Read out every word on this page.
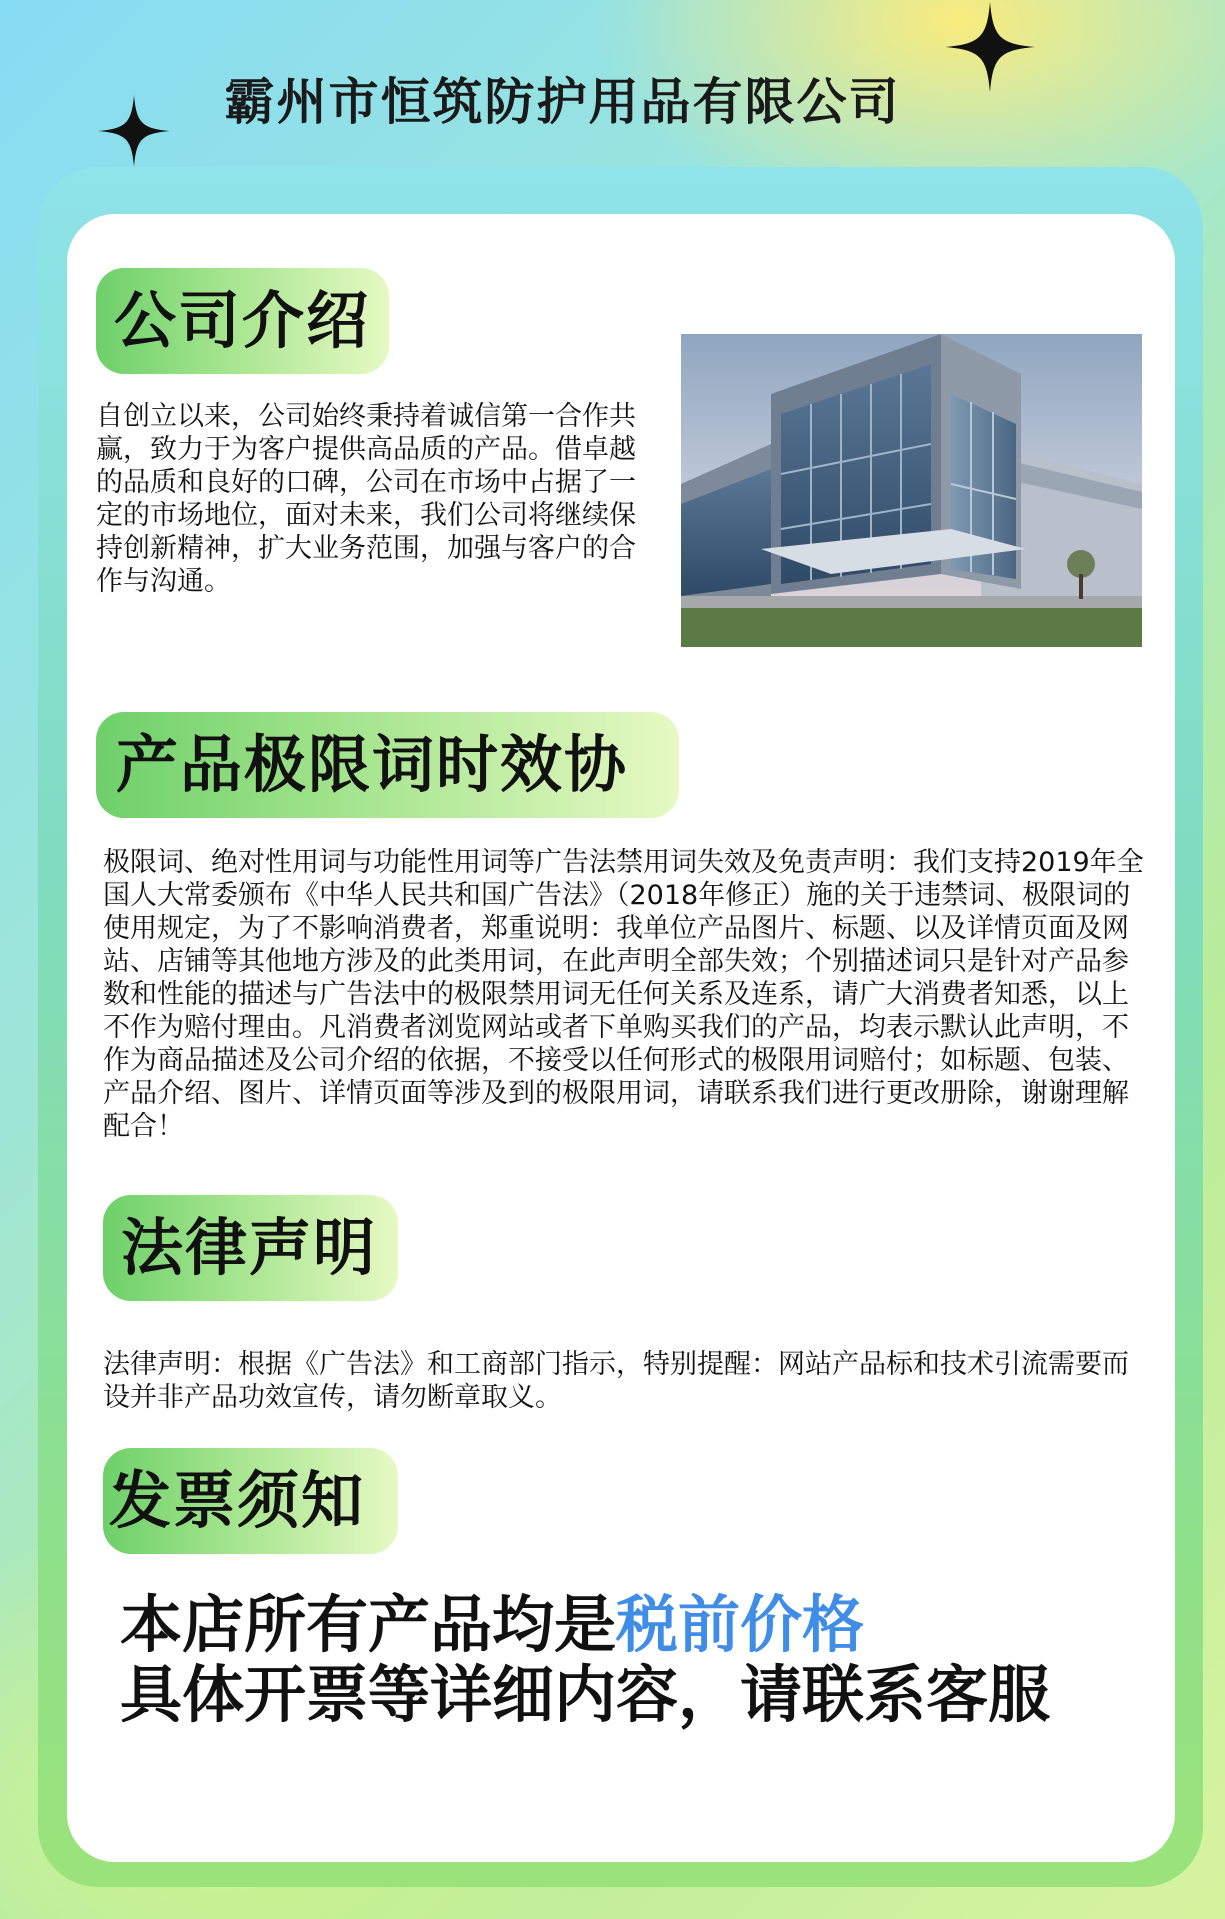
霸州市恒筑防护用品有限公司
公司介绍
自创立以来，公司始终秉持着诚信第一合作共赢，致力于为客户提供高品质的产品。借卓越的品质和良好的口碑，公司在市场中占据了一定的市场地位，面对未来，我们公司将继续保持创新精神，扩大业务范围，加强与客户的合作与沟通。
产品极限词时效协
极限词、绝对性用词与功能性用词等广告法禁用词失效及免责声明：我们支持2019年全国人大常委颁布《中华人民共和国广告法》（2018年修正）施的关于违禁词、极限词的使用规定，为了不影响消费者，郑重说明：我单位产品图片、标题、以及详情页面及网站、店铺等其他地方涉及的此类用词，在此声明全部失效；个别描述词只是针对产品参数和性能的描述与广告法中的极限禁用词无任何关系及连系，请广大消费者知悉，以上不作为赔付理由。凡消费者浏览网站或者下单购买我们的产品，均表示默认此声明，不作为商品描述及公司介绍的依据，不接受以任何形式的极限用词赔付；如标题、包装、产品介绍、图片、详情页面等涉及到的极限用词，请联系我们进行更改册除，谢谢理解配合！
法律声明
法律声明：根据《广告法》和工商部门指示，特别提醒：网站产品标和技术引流需要而设并非产品功效宣传，请勿断章取义。
发票须知
本店所有产品均是税前价格
具体开票等详细内容，请联系客服
